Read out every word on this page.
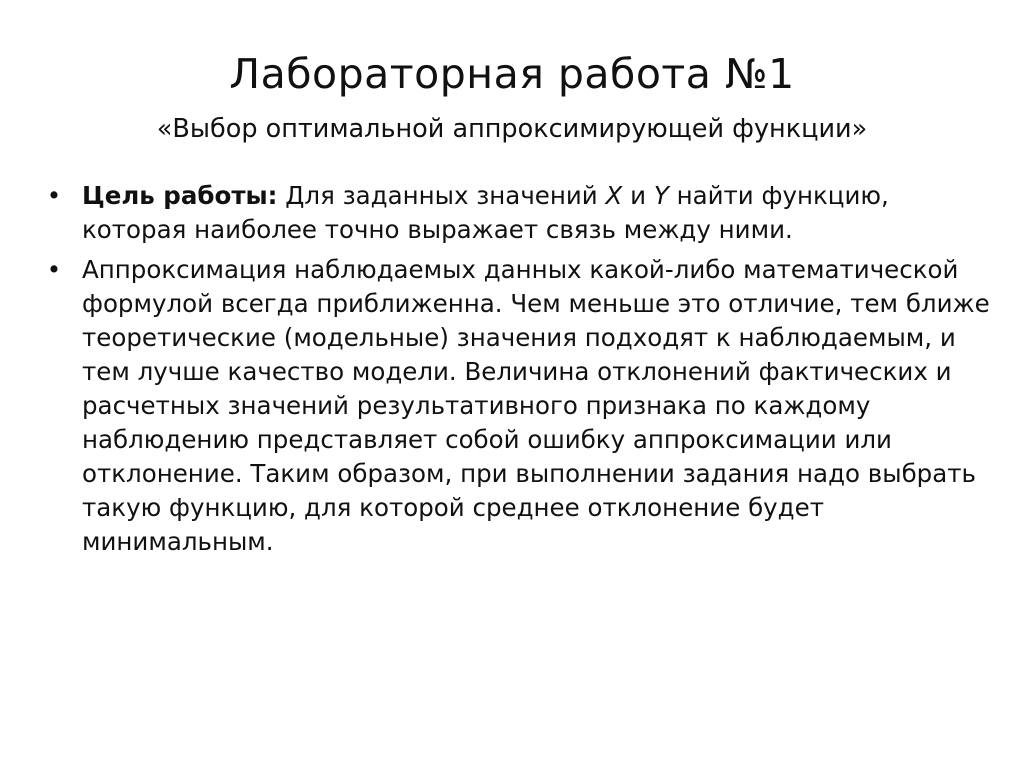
Лабораторная работа №1

«Выбор оптимальной аппроксимирующей функции»

• Цель работы: Для заданных значений X и Y найти функцию, которая наиболее точно выражает связь между ними.
• Аппроксимация наблюдаемых данных какой-либо математической формулой всегда приближенна. Чем меньше это отличие, тем ближе теоретические (модельные) значения подходят к наблюдаемым, и тем лучше качество модели. Величина отклонений фактических и расчетных значений результативного признака по каждому наблюдению представляет собой ошибку аппроксимации или отклонение. Таким образом, при выполнении задания надо выбрать такую функцию, для которой среднее отклонение будет минимальным.
